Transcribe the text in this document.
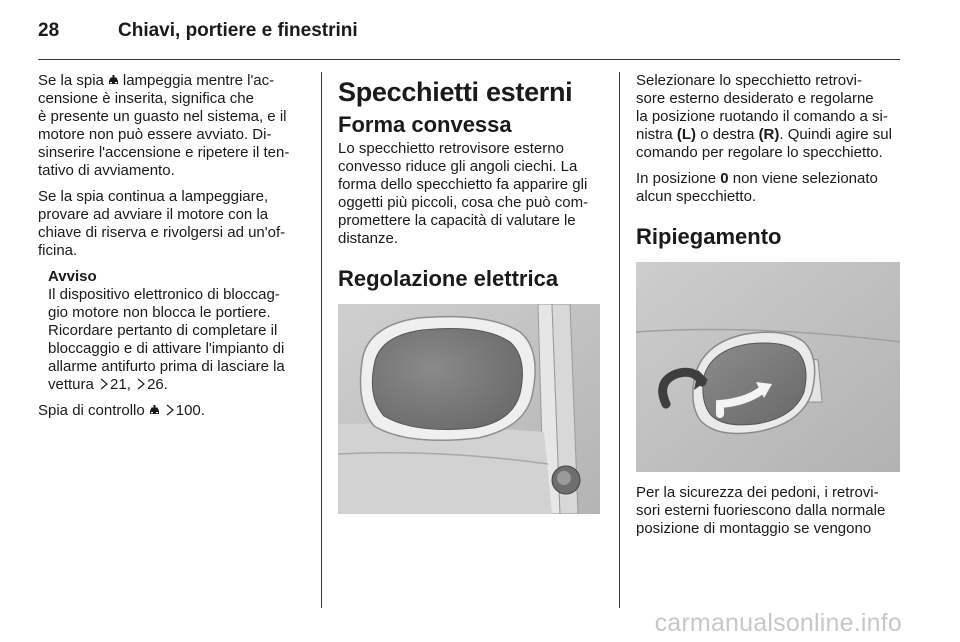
28	Chiavi, portiere e finestrini

Se la spia lampeggia mentre l'ac-
censione è inserita, significa che
è presente un guasto nel sistema, e il
motore non può essere avviato. Di-
sinserire l'accensione e ripetere il ten-
tativo di avviamento.

Se la spia continua a lampeggiare,
provare ad avviare il motore con la
chiave di riserva e rivolgersi ad un'of-
ficina.

Avviso

Il dispositivo elettronico di bloccag-
gio motore non blocca le portiere.
Ricordare pertanto di completare il
bloccaggio e di attivare l'impianto di
allarme antifurto prima di lasciare la
vettura 21, 26.

Spia di controllo 100.

Specchietti esterni
Forma convessa

Lo specchietto retrovisore esterno
convesso riduce gli angoli ciechi. La
forma dello specchietto fa apparire gli
oggetti più piccoli, cosa che può com-
promettere la capacità di valutare le
distanze.

Regolazione elettrica

Selezionare lo specchietto retrovi-
sore esterno desiderato e regolarne
la posizione ruotando il comando a si-
nistra (L) o destra (R). Quindi agire sul
comando per regolare lo specchietto.

In posizione 0 non viene selezionato
alcun specchietto.

Ripiegamento

Per la sicurezza dei pedoni, i retrovi-
sori esterni fuoriescono dalla normale
posizione di montaggio se vengono

carmanualsonline.info
